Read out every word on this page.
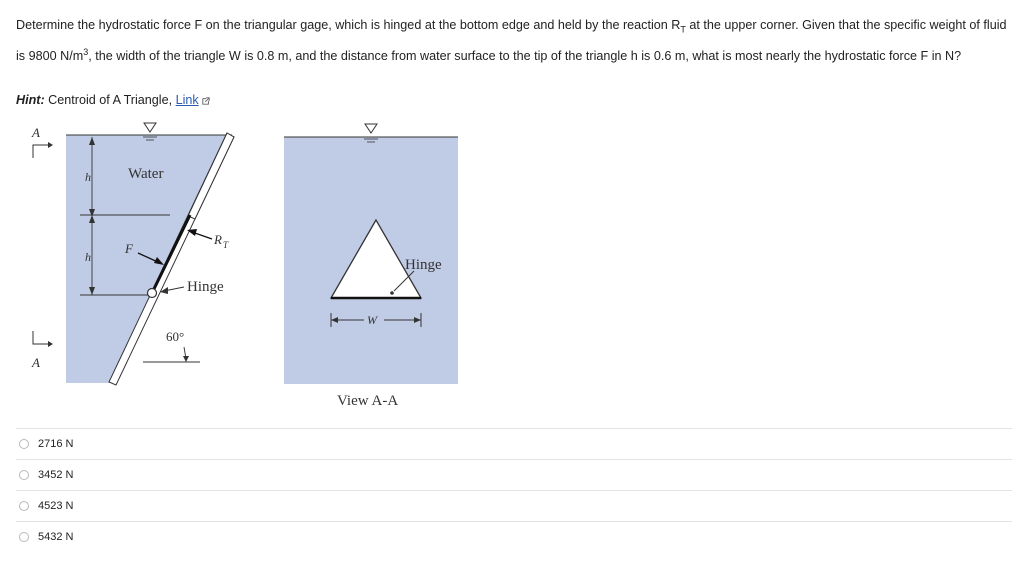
Determine the hydrostatic force F on the triangular gage, which is hinged at the bottom edge and held by the reaction $R_T$ at the upper corner. Given that the specific weight of fluid is 9800 $N/m^3$, the width of the triangle W is 0.8 m, and the distance from water surface to the tip of the triangle h is 0.6 m, what is most nearly the hydrostatic force F in N?
Hint: Centroid of A Triangle, Link
h
h
Water
F
R T
Hinge
60°
A
A
Hinge
W
View A-A
2716 N
3452 N
4523 N
5432 N
